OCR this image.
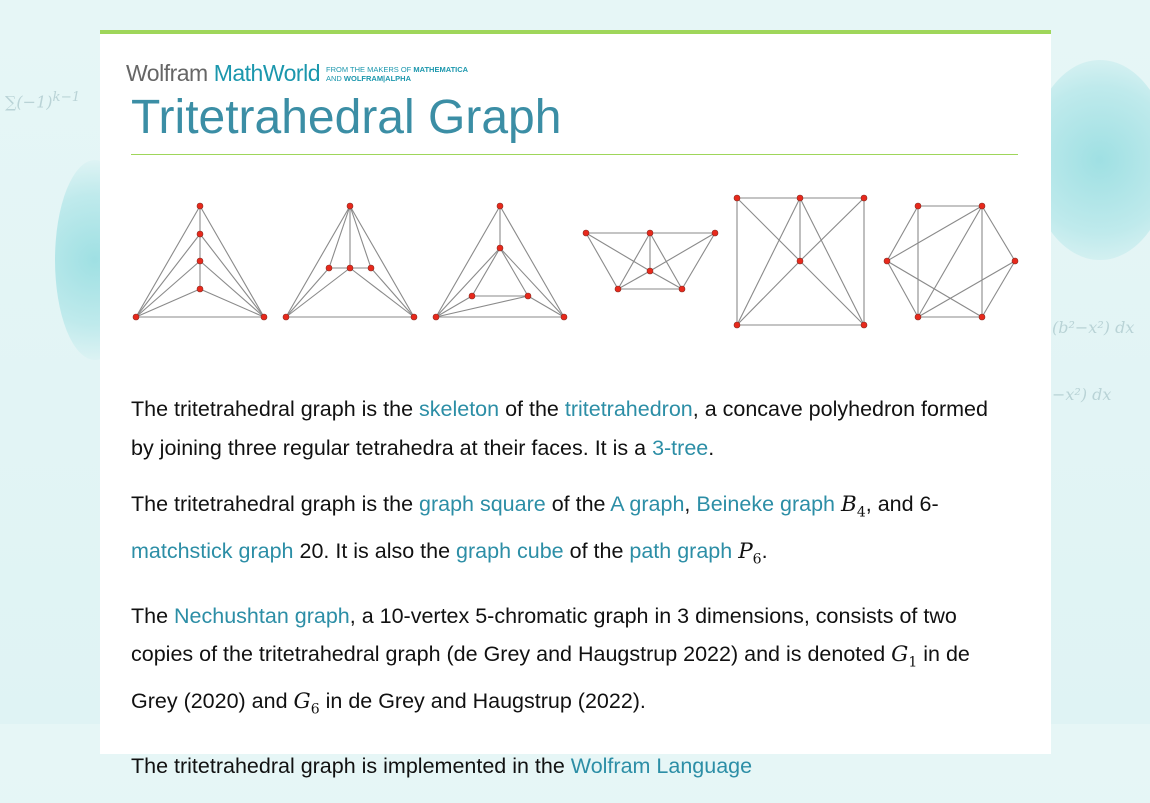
$\sum(-1)^{k-1}$
(b²−x²) dx
−x²) dx
Wolfram MathWorld FROM THE MAKERS OF MATHEMATICA
AND WOLFRAM|ALPHA
Tritetrahedral Graph

The tritetrahedral graph is the skeleton of the tritetrahedron, a concave polyhedron formed by joining three regular tetrahedra at their faces. It is a 3-tree.

The tritetrahedral graph is the graph square of the A graph, Beineke graph $B_4$, and 6-matchstick graph 20. It is also the graph cube of the path graph $P_6$.

The Nechushtan graph, a 10-vertex 5-chromatic graph in 3 dimensions, consists of two copies of the tritetrahedral graph (de Grey and Haugstrup 2022) and is denoted $G_1$ in de Grey (2020) and $G_6$ in de Grey and Haugstrup (2022).

The tritetrahedral graph is implemented in the Wolfram Language
